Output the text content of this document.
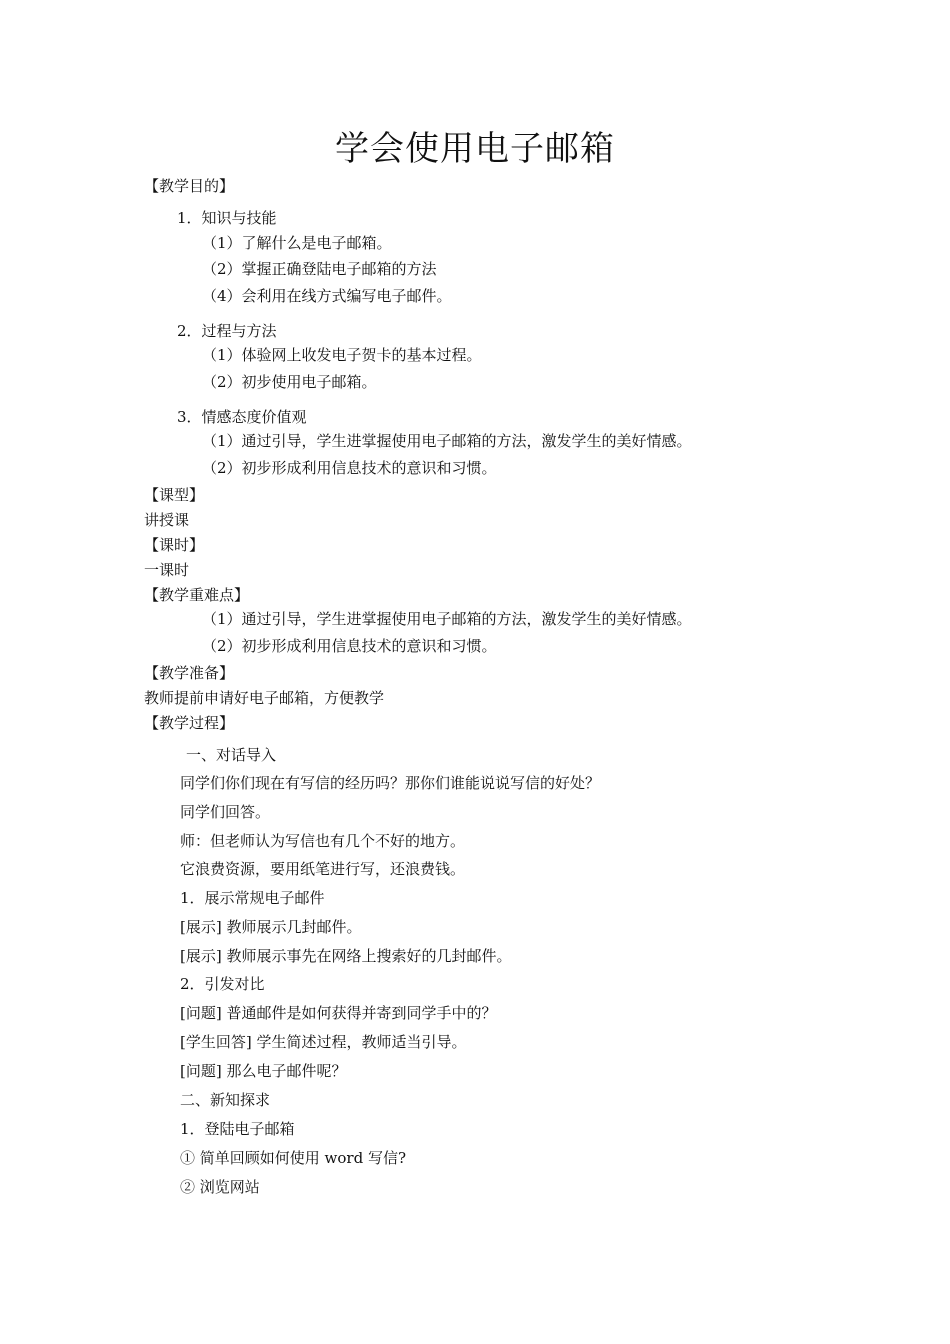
学会使用电子邮箱
【教学目的】
1．知识与技能
（1）了解什么是电子邮箱。
（2）掌握正确登陆电子邮箱的方法
（4）会利用在线方式编写电子邮件。
2．过程与方法
（1）体验网上收发电子贺卡的基本过程。
（2）初步使用电子邮箱。
3．情感态度价值观
（1）通过引导，学生进掌握使用电子邮箱的方法，激发学生的美好情感。
（2）初步形成利用信息技术的意识和习惯。
【课型】
讲授课
【课时】
一课时
【教学重难点】
（1）通过引导，学生进掌握使用电子邮箱的方法，激发学生的美好情感。
（2）初步形成利用信息技术的意识和习惯。
【教学准备】
教师提前申请好电子邮箱，方便教学
【教学过程】
一、对话导入
同学们你们现在有写信的经历吗？那你们谁能说说写信的好处？
同学们回答。
师：但老师认为写信也有几个不好的地方。
它浪费资源，要用纸笔进行写，还浪费钱。
1．展示常规电子邮件
[展示] 教师展示几封邮件。
[展示] 教师展示事先在网络上搜索好的几封邮件。
2．引发对比
[问题] 普通邮件是如何获得并寄到同学手中的？
[学生回答] 学生简述过程，教师适当引导。
[问题] 那么电子邮件呢？
二、新知探求
1．登陆电子邮箱
① 简单回顾如何使用 word 写信?
② 浏览网站
